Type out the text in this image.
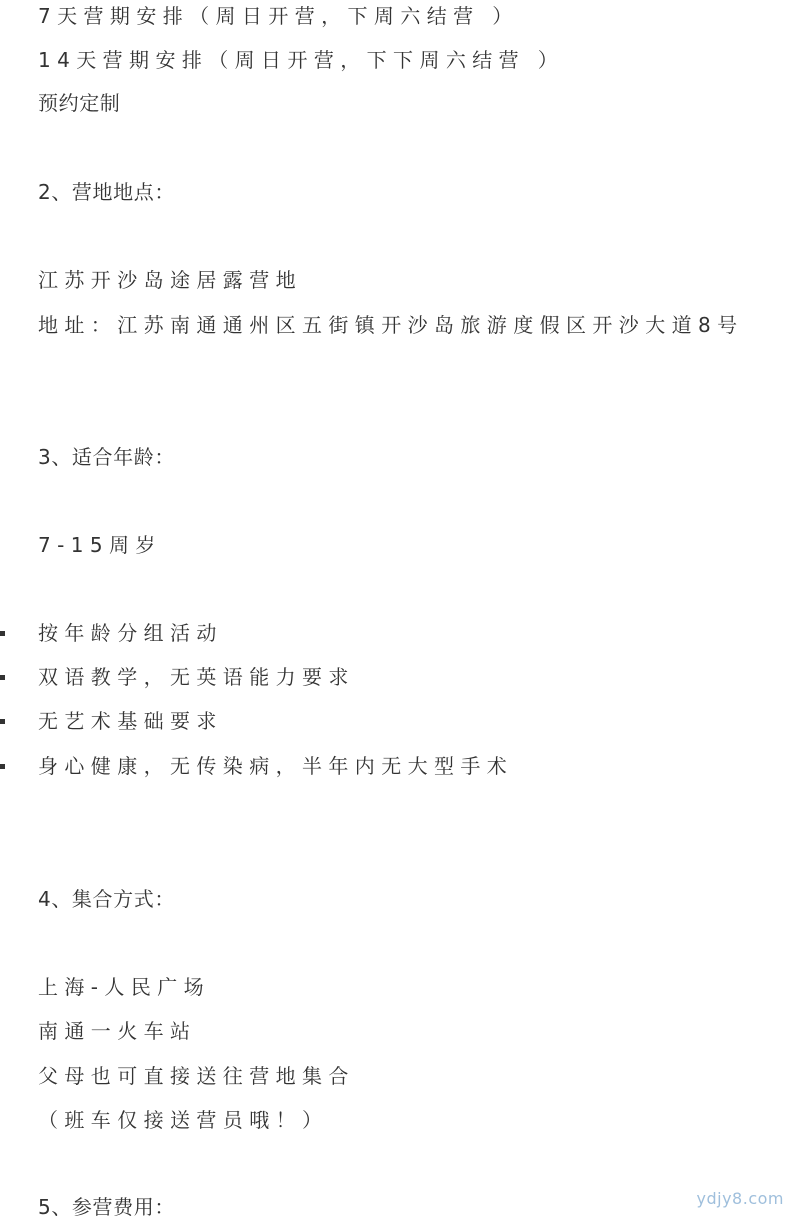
7天营期安排（周日开营，下周六结营 ）
14天营期安排（周日开营，下下周六结营 ）
预约定制
2、营地地点：
江苏开沙岛途居露营地
地址：江苏南通通州区五街镇开沙岛旅游度假区开沙大道8号
3、适合年龄：
7-15周岁
按年龄分组活动
双语教学，无英语能力要求
无艺术基础要求
身心健康，无传染病，半年内无大型手术
4、集合方式：
上海-人民广场
南通一火车站
父母也可直接送往营地集合
（班车仅接送营员哦！）
5、参营费用：	ydjy8.com
